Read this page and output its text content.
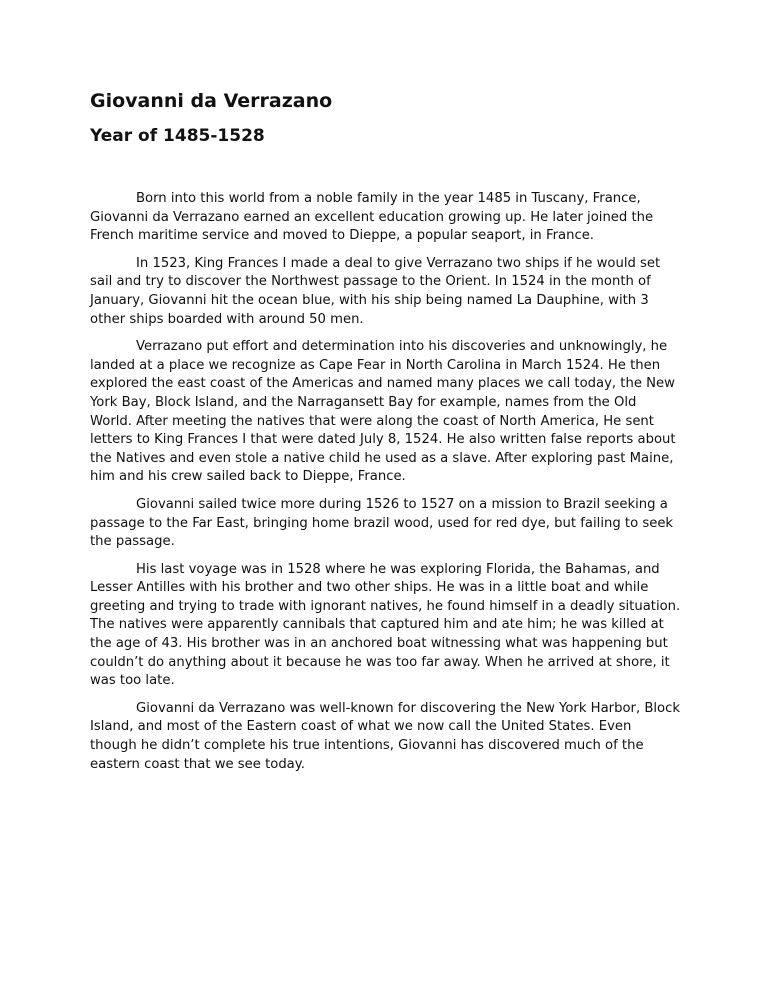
Giovanni da Verrazano
Year of 1485-1528

Born into this world from a noble family in the year 1485 in Tuscany, France, Giovanni da Verrazano earned an excellent education growing up. He later joined the French maritime service and moved to Dieppe, a popular seaport, in France.

In 1523, King Frances I made a deal to give Verrazano two ships if he would set sail and try to discover the Northwest passage to the Orient. In 1524 in the month of January, Giovanni hit the ocean blue, with his ship being named La Dauphine, with 3 other ships boarded with around 50 men.

Verrazano put effort and determination into his discoveries and unknowingly, he landed at a place we recognize as Cape Fear in North Carolina in March 1524. He then explored the east coast of the Americas and named many places we call today, the New York Bay, Block Island, and the Narragansett Bay for example, names from the Old World. After meeting the natives that were along the coast of North America, He sent letters to King Frances I that were dated July 8, 1524. He also written false reports about the Natives and even stole a native child he used as a slave. After exploring past Maine, him and his crew sailed back to Dieppe, France.

Giovanni sailed twice more during 1526 to 1527 on a mission to Brazil seeking a passage to the Far East, bringing home brazil wood, used for red dye, but failing to seek the passage.

His last voyage was in 1528 where he was exploring Florida, the Bahamas, and Lesser Antilles with his brother and two other ships. He was in a little boat and while greeting and trying to trade with ignorant natives, he found himself in a deadly situation. The natives were apparently cannibals that captured him and ate him; he was killed at the age of 43. His brother was in an anchored boat witnessing what was happening but couldn’t do anything about it because he was too far away. When he arrived at shore, it was too late.

Giovanni da Verrazano was well-known for discovering the New York Harbor, Block Island, and most of the Eastern coast of what we now call the United States. Even though he didn’t complete his true intentions, Giovanni has discovered much of the eastern coast that we see today.
